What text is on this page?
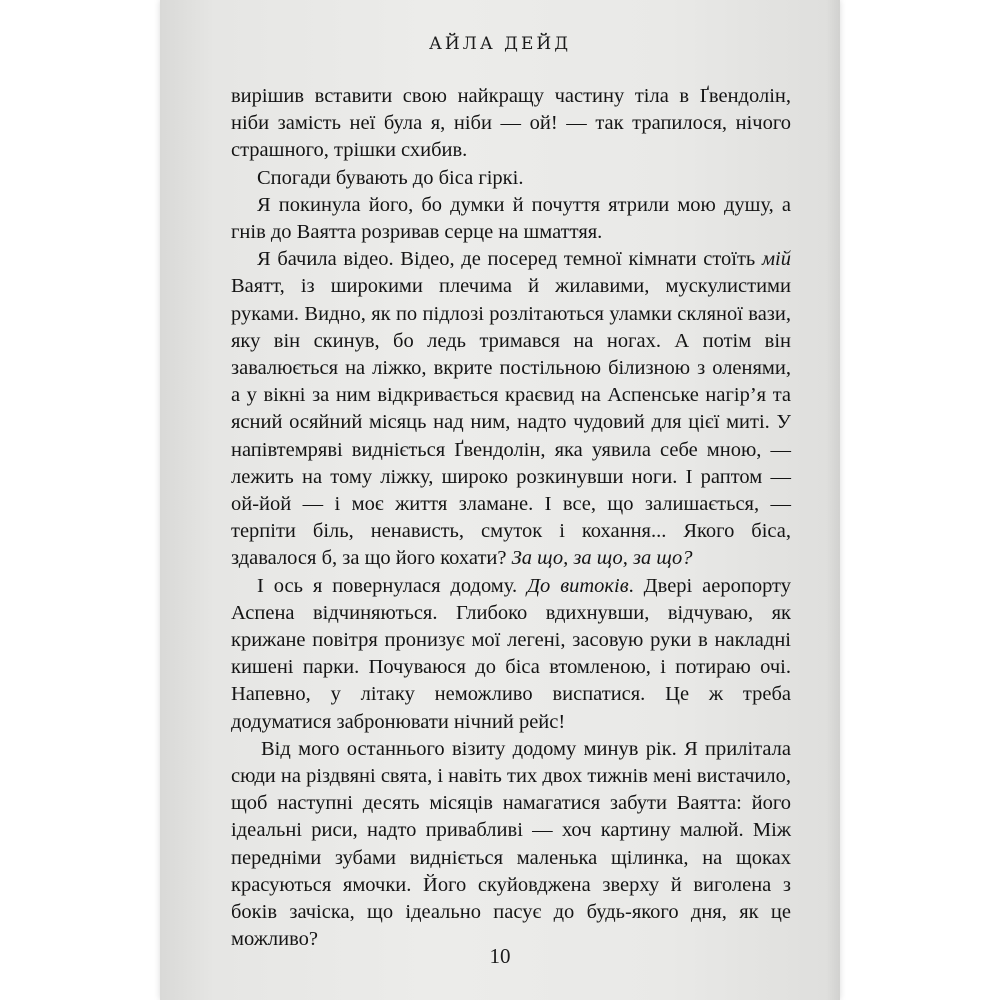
АЙЛА ДЕЙД

вирішив вставити свою найкращу частину тіла в Ґвендолін, ніби замість неї була я, ніби — ой! — так трапилося, нічого страшного, трішки схибив.

Спогади бувають до біса гіркі.

Я покинула його, бо думки й почуття ятрили мою душу, а гнів до Ваятта розривав серце на шматтяя.

Я бачила відео. Відео, де посеред темної кімнати стоїть мій Ваятт, із широкими плечима й жилавими, мускулистими руками. Видно, як по підлозі розлітаються уламки скляної вази, яку він скинув, бо ледь тримався на ногах. А потім він завалюється на ліжко, вкрите постільною білизною з оленями, а у вікні за ним відкривається краєвид на Аспенське нагір’я та ясний осяйний місяць над ним, надто чудовий для цієї миті. У напівтемряві видніється Ґвендолін, яка уявила себе мною, — лежить на тому ліжку, широко розкинувши ноги. І раптом — ой-йой — і моє життя зламане. І все, що залишається, — терпіти біль, ненависть, смуток і кохання... Якого біса, здавалося б, за що його кохати? За що, за що, за що?

І ось я повернулася додому. До витоків. Двері аеропорту Аспена відчиняються. Глибоко вдихнувши, відчуваю, як крижане повітря пронизує мої легені, засовую руки в накладні кишені парки. Почуваюся до біса втомленою, і потираю очі. Напевно, у літаку неможливо виспатися. Це ж треба додуматися забронювати нічний рейс!

Від мого останнього візиту додому минув рік. Я прилітала сюди на різдвяні свята, і навіть тих двох тижнів мені вистачило, щоб наступні десять місяців намагатися забути Ваятта: його ідеальні риси, надто привабливі — хоч картину малюй. Між передніми зубами видніється маленька щілинка, на щоках красуються ямочки. Його скуйовджена зверху й виголена з боків зачіска, що ідеально пасує до будь-якого дня, як це можливо?

10
